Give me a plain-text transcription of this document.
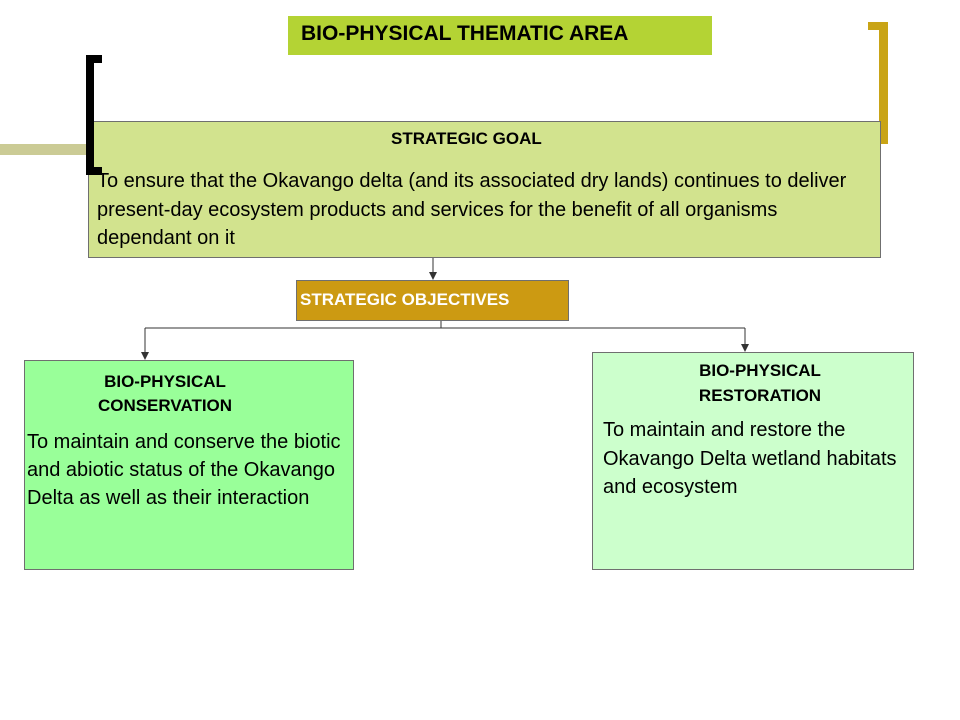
BIO-PHYSICAL THEMATIC AREA
STRATEGIC GOAL
To ensure that the Okavango delta (and its associated dry lands) continues to deliver present-day ecosystem products and services for the benefit of all organisms dependant on it
STRATEGIC OBJECTIVES
BIO-PHYSICAL CONSERVATION
To maintain and conserve the biotic and abiotic status of the Okavango Delta as well as their interaction
BIO-PHYSICAL RESTORATION
To maintain and restore the Okavango Delta wetland habitats and ecosystem
